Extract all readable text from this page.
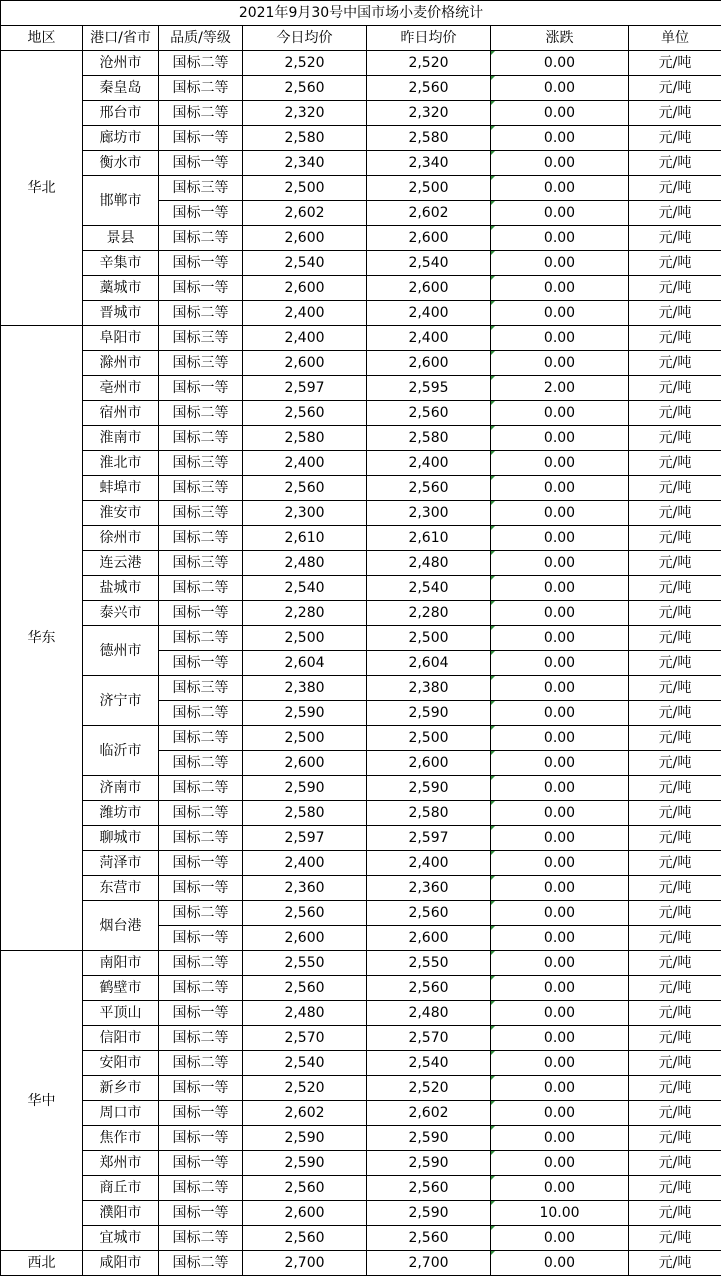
2021年9月30号中国市场小麦价格统计						
地区	港口/省市	品质/等级	今日均价	昨日均价	涨跌	单位
华北	沧州市	国标二等	2,520	2,520	0.00	元/吨
	秦皇岛	国标二等	2,560	2,560	0.00	元/吨
	邢台市	国标二等	2,320	2,320	0.00	元/吨
	廊坊市	国标一等	2,580	2,580	0.00	元/吨
	衡水市	国标一等	2,340	2,340	0.00	元/吨
	邯郸市	国标三等	2,500	2,500	0.00	元/吨
		国标一等	2,602	2,602	0.00	元/吨
	景县	国标二等	2,600	2,600	0.00	元/吨
	辛集市	国标一等	2,540	2,540	0.00	元/吨
	藁城市	国标一等	2,600	2,600	0.00	元/吨
	晋城市	国标二等	2,400	2,400	0.00	元/吨
华东	阜阳市	国标三等	2,400	2,400	0.00	元/吨
	滁州市	国标三等	2,600	2,600	0.00	元/吨
	亳州市	国标一等	2,597	2,595	2.00	元/吨
	宿州市	国标二等	2,560	2,560	0.00	元/吨
	淮南市	国标二等	2,580	2,580	0.00	元/吨
	淮北市	国标三等	2,400	2,400	0.00	元/吨
	蚌埠市	国标三等	2,560	2,560	0.00	元/吨
	淮安市	国标三等	2,300	2,300	0.00	元/吨
	徐州市	国标二等	2,610	2,610	0.00	元/吨
	连云港	国标三等	2,480	2,480	0.00	元/吨
	盐城市	国标二等	2,540	2,540	0.00	元/吨
	泰兴市	国标一等	2,280	2,280	0.00	元/吨
	德州市	国标二等	2,500	2,500	0.00	元/吨
		国标一等	2,604	2,604	0.00	元/吨
	济宁市	国标三等	2,380	2,380	0.00	元/吨
		国标二等	2,590	2,590	0.00	元/吨
	临沂市	国标二等	2,500	2,500	0.00	元/吨
		国标二等	2,600	2,600	0.00	元/吨
	济南市	国标二等	2,590	2,590	0.00	元/吨
	潍坊市	国标二等	2,580	2,580	0.00	元/吨
	聊城市	国标二等	2,597	2,597	0.00	元/吨
	菏泽市	国标一等	2,400	2,400	0.00	元/吨
	东营市	国标一等	2,360	2,360	0.00	元/吨
	烟台港	国标二等	2,560	2,560	0.00	元/吨
		国标一等	2,600	2,600	0.00	元/吨
华中	南阳市	国标二等	2,550	2,550	0.00	元/吨
	鹤壁市	国标二等	2,560	2,560	0.00	元/吨
	平顶山	国标一等	2,480	2,480	0.00	元/吨
	信阳市	国标二等	2,570	2,570	0.00	元/吨
	安阳市	国标二等	2,540	2,540	0.00	元/吨
	新乡市	国标一等	2,520	2,520	0.00	元/吨
	周口市	国标一等	2,602	2,602	0.00	元/吨
	焦作市	国标一等	2,590	2,590	0.00	元/吨
	郑州市	国标一等	2,590	2,590	0.00	元/吨
	商丘市	国标二等	2,560	2,560	0.00	元/吨
	濮阳市	国标一等	2,600	2,590	10.00	元/吨
	宜城市	国标二等	2,560	2,560	0.00	元/吨
西北	咸阳市	国标二等	2,700	2,700	0.00	元/吨
